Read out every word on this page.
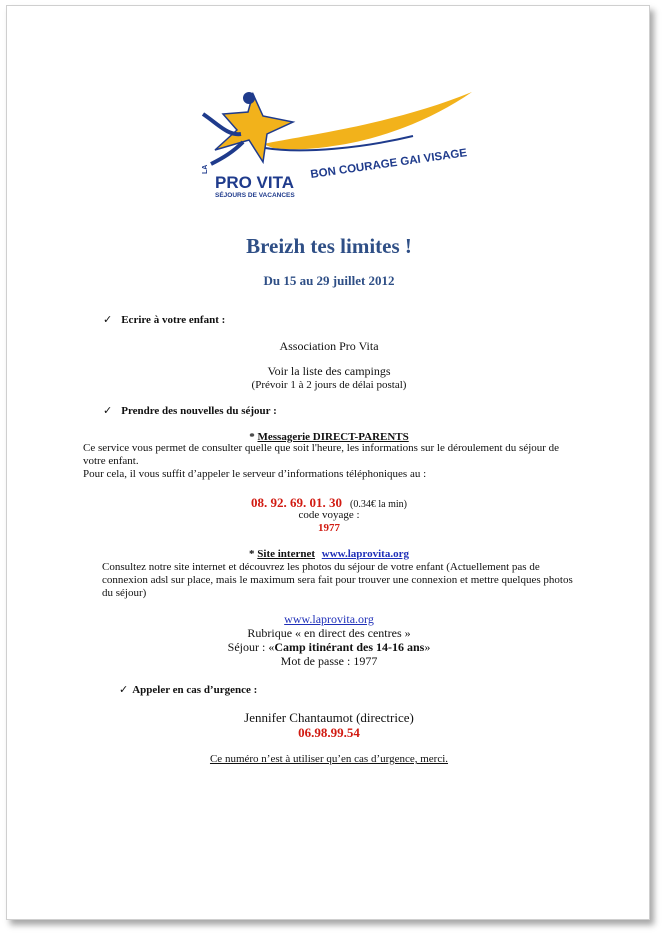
LA
PRO VITA
SÉJOURS DE VACANCES
BON COURAGE GAI VISAGE
Breizh tes limites !
Du 15 au 29 juillet 2012
✓ Ecrire à votre enfant :
Association Pro Vita
Voir la liste des campings
(Prévoir 1 à 2 jours de délai postal)
✓ Prendre des nouvelles du séjour :
* Messagerie DIRECT-PARENTS
Ce service vous permet de consulter quelle que soit l'heure, les informations sur le déroulement du séjour de
votre enfant.
Pour cela, il vous suffit d’appeler le serveur d’informations téléphoniques au :
08. 92. 69. 01. 30 (0.34€ la min)
code voyage :
1977
* Site internet www.laprovita.org
Consultez notre site internet et découvrez les photos du séjour de votre enfant (Actuellement pas de
connexion adsl sur place, mais le maximum sera fait pour trouver une connexion et mettre quelques photos
du séjour)
www.laprovita.org
Rubrique « en direct des centres »
Séjour : «Camp itinérant des 14-16 ans»
Mot de passe : 1977
✓ Appeler en cas d’urgence :
Jennifer Chantaumot (directrice)
06.98.99.54
Ce numéro n’est à utiliser qu’en cas d’urgence, merci.
